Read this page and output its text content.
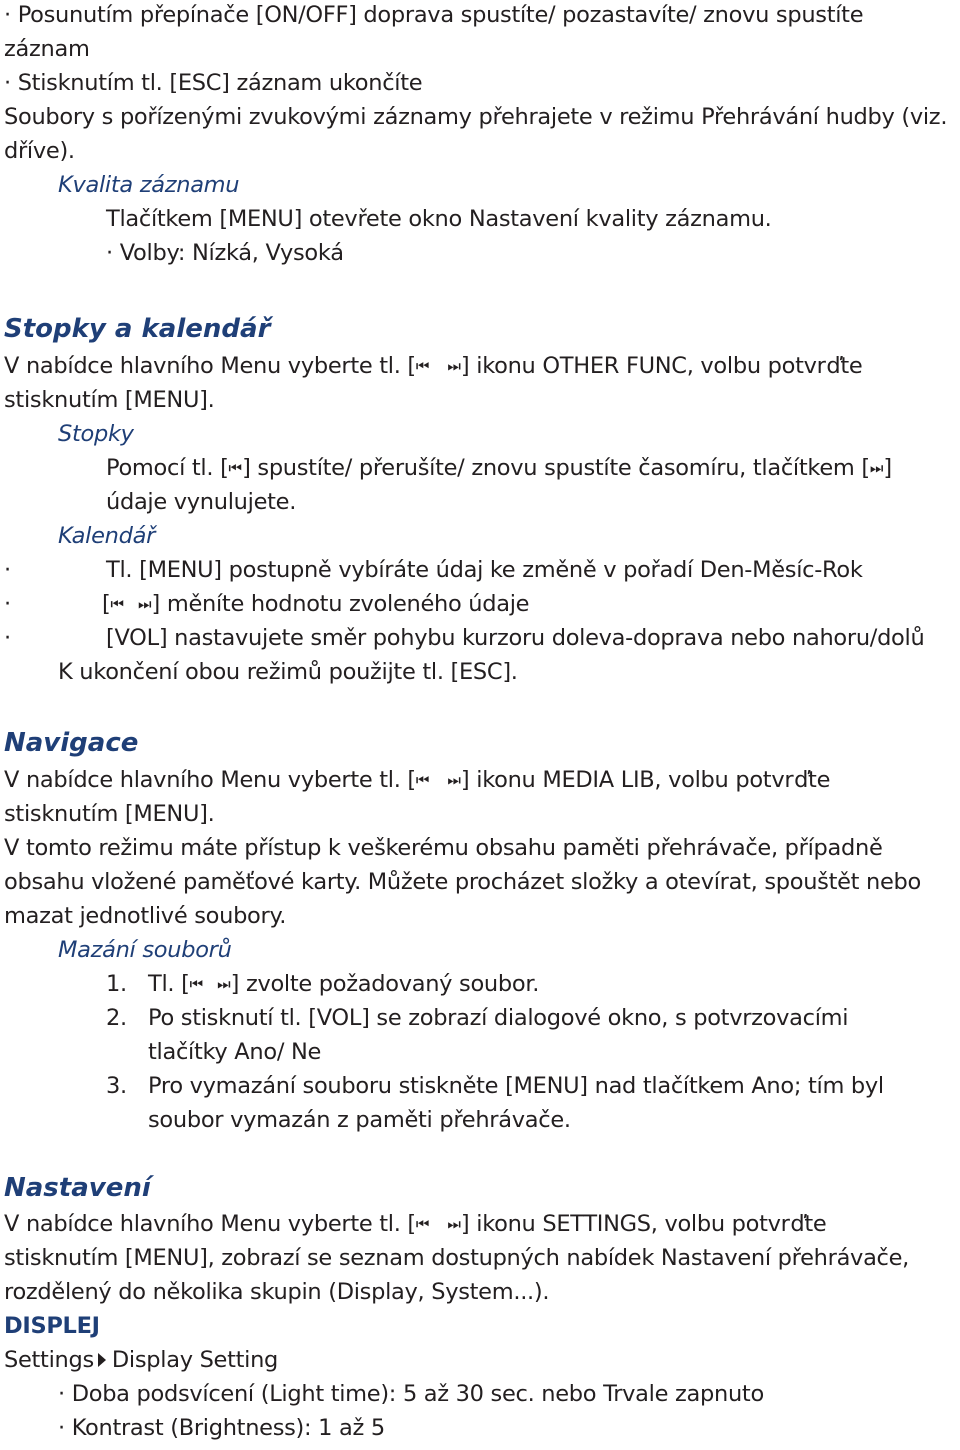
· Posunutím přepínače [ON/OFF] doprava spustíte/ pozastavíte/ znovu spustíte
záznam
· Stisknutím tl. [ESC] záznam ukončíte
Soubory s pořízenými zvukovými záznamy přehrajete v režimu Přehrávání hudby (viz.
dříve).
Kvalita záznamu
Tlačítkem [MENU] otevřete okno Nastavení kvality záznamu.
· Volby: Nízká, Vysoká
Stopky a kalendář
V nabídce hlavního Menu vyberte tl. [⏮ ⏭] ikonu OTHER FUNC, volbu potvrďte
stisknutím [MENU].
Stopky
Pomocí tl. [⏮] spustíte/ přerušíte/ znovu spustíte časomíru, tlačítkem [⏭]
údaje vynulujete.
Kalendář
·	Tl. [MENU] postupně vybíráte údaj ke změně v pořadí Den-Měsíc-Rok
·	[⏮ ⏭] měníte hodnotu zvoleného údaje
·	[VOL] nastavujete směr pohybu kurzoru doleva-doprava nebo nahoru/dolů
K ukončení obou režimů použijte tl. [ESC].
Navigace
V nabídce hlavního Menu vyberte tl. [⏮ ⏭] ikonu MEDIA LIB, volbu potvrďte
stisknutím [MENU].
V tomto režimu máte přístup k veškerému obsahu paměti přehrávače, případně
obsahu vložené paměťové karty. Můžete procházet složky a otevírat, spouštět nebo
mazat jednotlivé soubory.
Mazání souborů
1. Tl. [⏮ ⏭] zvolte požadovaný soubor.
2. Po stisknutí tl. [VOL] se zobrazí dialogové okno, s potvrzovacími
tlačítky Ano/ Ne
3. Pro vymazání souboru stiskněte [MENU] nad tlačítkem Ano; tím byl
soubor vymazán z paměti přehrávače.
Nastavení
V nabídce hlavního Menu vyberte tl. [⏮ ⏭] ikonu SETTINGS, volbu potvrďte
stisknutím [MENU], zobrazí se seznam dostupných nabídek Nastavení přehrávače,
rozdělený do několika skupin (Display, System...).
DISPLEJ
Settings Display Setting
· Doba podsvícení (Light time): 5 až 30 sec. nebo Trvale zapnuto
· Kontrast (Brightness): 1 až 5
